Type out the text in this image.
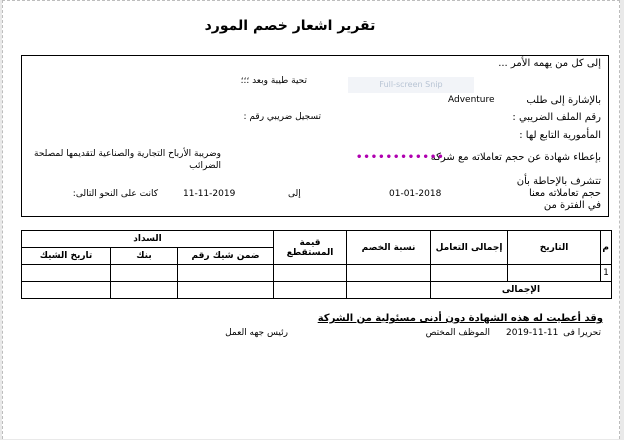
تقرير اشعار خصم المورد
إلى كل من يهمه الأمر ...
تحية طيبة وبعد ؛؛؛	Full-screen Snip
بالإشارة إلى طلب
Adventure
رقم الملف الضريبي :
تسجيل ضريبي رقم :
المأمورية التابع لها :
بإعطاء شهادة عن حجم تعاملاته مع شركة
••••••••••••
وضريبة الأرباح التجارية والصناعية لتقديمها لمصلحة الضرائب
تتشرف بالإحاطة بأن حجم تعاملاته معنا في الفترة من
01-01-2018
إلى
11-11-2019
كانت على النحو التالى:
م	التاريخ	إجمالى التعامل	نسبة الخصم	قيمة المستقطع	السداد		
					ضمن شيك رقم	بنك	تاريخ الشيك
1							
الإجمالى							
وقد أعطيت له هذه الشهادة دون أدنى مسئولية من الشركة
تحريرا فى
2019-11-11
الموظف المختص
رئيس جهه العمل
